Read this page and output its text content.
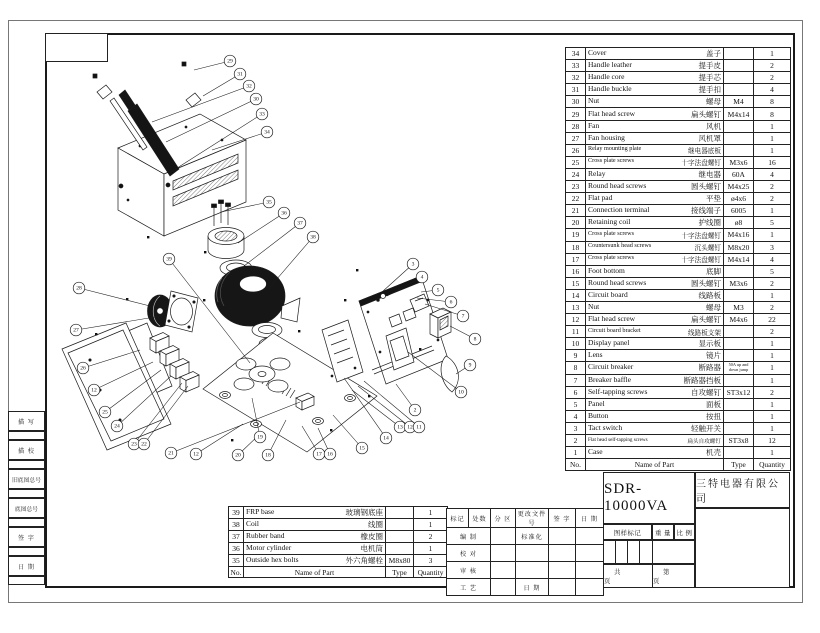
描 写
描 校
旧底图总号
底图总号
签 字
日 期
29
31
32
30
33
34
35
36
37
38
39
28
27
26
12
25
24
23 22
21	12	20
19
18	17 16
15
14
13 12 11
2
10
9
8
7
6
5
4
3
34	Cover 盖子		1
33	Handle leather 提手皮		2
32	Handle core 提手芯		2
31	Handle buckle 提手扣		4
30	Nut 螺母	M4	8
29	Flat head screw 扁头螺钉	M4x14	8
28	Fan 风机		1
27	Fan housing 风机罩		1
26	Relay mounting plate 继电器底板		1
25	Cross plate screws 十字法盘螺钉	M3x6	16
24	Relay 继电器	60A	4
23	Round head screws 圆头螺钉	M4x25	2
22	Flat pad 平垫	ø4x6	2
21	Connection terminal 接线端子	6005	1
20	Retaining coil 护线圈	ø8	5
19	Cross plate screws 十字法盘螺钉	M4x16	1
18	Countersunk head screws 沉头螺钉	M8x20	3
17	Cross plate screws 十字法盘螺钉	M4x14	4
16	Foot bottom 底脚		5
15	Round head screws 圆头螺钉	M3x6	2
14	Circuit board 线路板		1
13	Nut 螺母	M3	2
12	Flat head screw 扁头螺钉	M4x6	22
11	Circuit board bracket 线路板支架		2
10	Display panel 显示板		1
9	Lens 镜片		1
8	Circuit breaker 断路器	50A up and down jump	1
7	Breaker baffle 断路器挡板		1
6	Self-tapping screws 自攻螺钉	ST3x12	2
5	Panel 面板		1
4	Button 按扭		1
3	Tact switch 轻触开关		1
2	Flat head self-tapping screws 扁头自攻螺钉	ST3x8	12
1	Case 机壳		1
No.	Name of Part	Type	Quantity
39	FRP base 玻璃钢底座		1
38	Coil 线圈		1
37	Rubber band 橡皮圈		2
36	Motor cylinder 电机筒		1
35	Outside hex bolts 外六角螺栓	M8x80	3
No.	Name of Part	Type	Quantity
标记	处数	分 区	更改文件号	签 字	日 期
编 制			标准化		
校 对					
审 核					
工 艺			日 期		
SDR-10000VA
三特电器有限公司
图样标记	重 量 比 例
共 页
第 页
